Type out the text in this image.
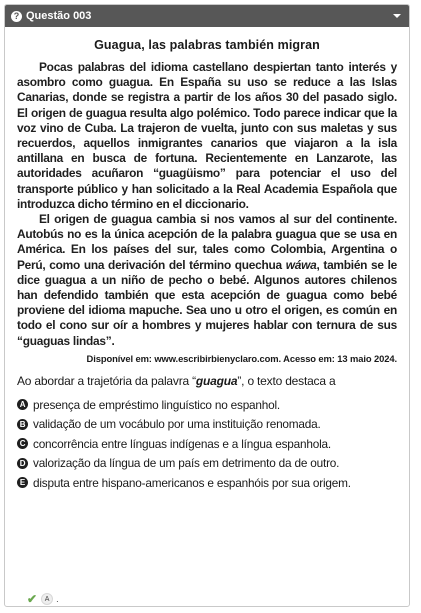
? Questão 003
Guagua, las palabras también migran

Pocas palabras del idioma castellano despiertan tanto interés y asombro como guagua. En España su uso se reduce a las Islas Canarias, donde se registra a partir de los años 30 del pasado siglo. El origen de guagua resulta algo polémico. Todo parece indicar que la voz vino de Cuba. La trajeron de vuelta, junto con sus maletas y sus recuerdos, aquellos inmigrantes canarios que viajaron a la isla antillana en busca de fortuna. Recientemente en Lanzarote, las autoridades acuñaron “guagüismo” para potenciar el uso del transporte público y han solicitado a la Real Academia Española que introduzca dicho término en el diccionario.

El origen de guagua cambia si nos vamos al sur del continente. Autobús no es la única acepción de la palabra guagua que se usa en América. En los países del sur, tales como Colombia, Argentina o Perú, como una derivación del término quechua wáwa, también se le dice guagua a un niño de pecho o bebé. Algunos autores chilenos han defendido también que esta acepción de guagua como bebé proviene del idioma mapuche. Sea uno u otro el origen, es común en todo el cono sur oír a hombres y mujeres hablar con ternura de sus “guaguas lindas”.

Disponível em: www.escribirbienyclaro.com. Acesso em: 13 maio 2024.
Ao abordar a trajetória da palavra “guagua”, o texto destaca a
A presença de empréstimo linguístico no espanhol.
B validação de um vocábulo por uma instituição renomada.
C concorrência entre línguas indígenas e a língua espanhola.
D valorização da língua de um país em detrimento da de outro.
E disputa entre hispano-americanos e espanhóis por sua origem.
✔	A .
